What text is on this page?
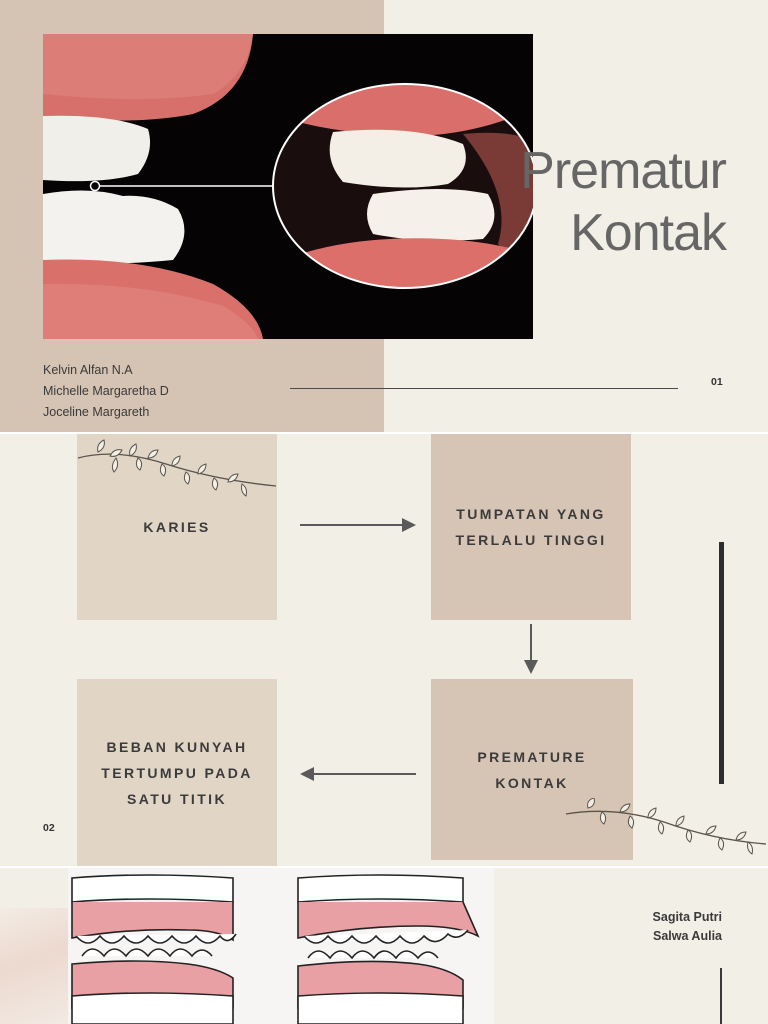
Prematur
Kontak
Kelvin Alfan N.A
Michelle Margaretha D
Joceline Margareth
01
KARIES
TUMPATAN YANG
TERLALU TINGGI
BEBAN KUNYAH
TERTUMPU PADA
SATU TITIK
PREMATURE
KONTAK
02
Sagita Putri
Salwa Aulia
